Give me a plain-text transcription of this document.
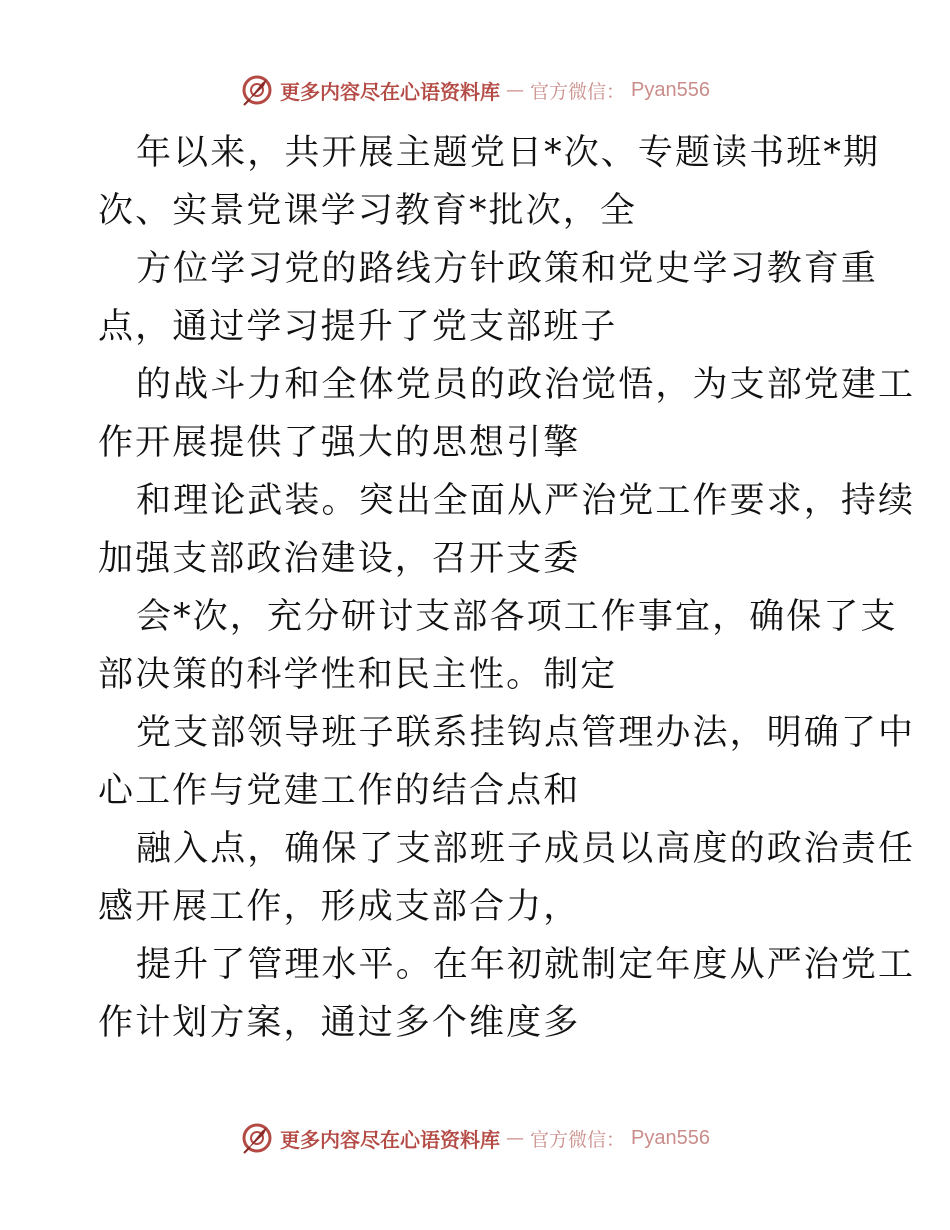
更多内容尽在心语资料库 — 官方微信： Pyan556
年以来，共开展主题党日*次、专题读书班*期
次、实景党课学习教育*批次，全
方位学习党的路线方针政策和党史学习教育重
点，通过学习提升了党支部班子
的战斗力和全体党员的政治觉悟，为支部党建工
作开展提供了强大的思想引擎
和理论武装。突出全面从严治党工作要求，持续
加强支部政治建设，召开支委
会*次，充分研讨支部各项工作事宜，确保了支
部决策的科学性和民主性。制定
党支部领导班子联系挂钩点管理办法，明确了中
心工作与党建工作的结合点和
融入点，确保了支部班子成员以高度的政治责任
感开展工作，形成支部合力，
提升了管理水平。在年初就制定年度从严治党工
作计划方案，通过多个维度多
更多内容尽在心语资料库 — 官方微信： Pyan556
